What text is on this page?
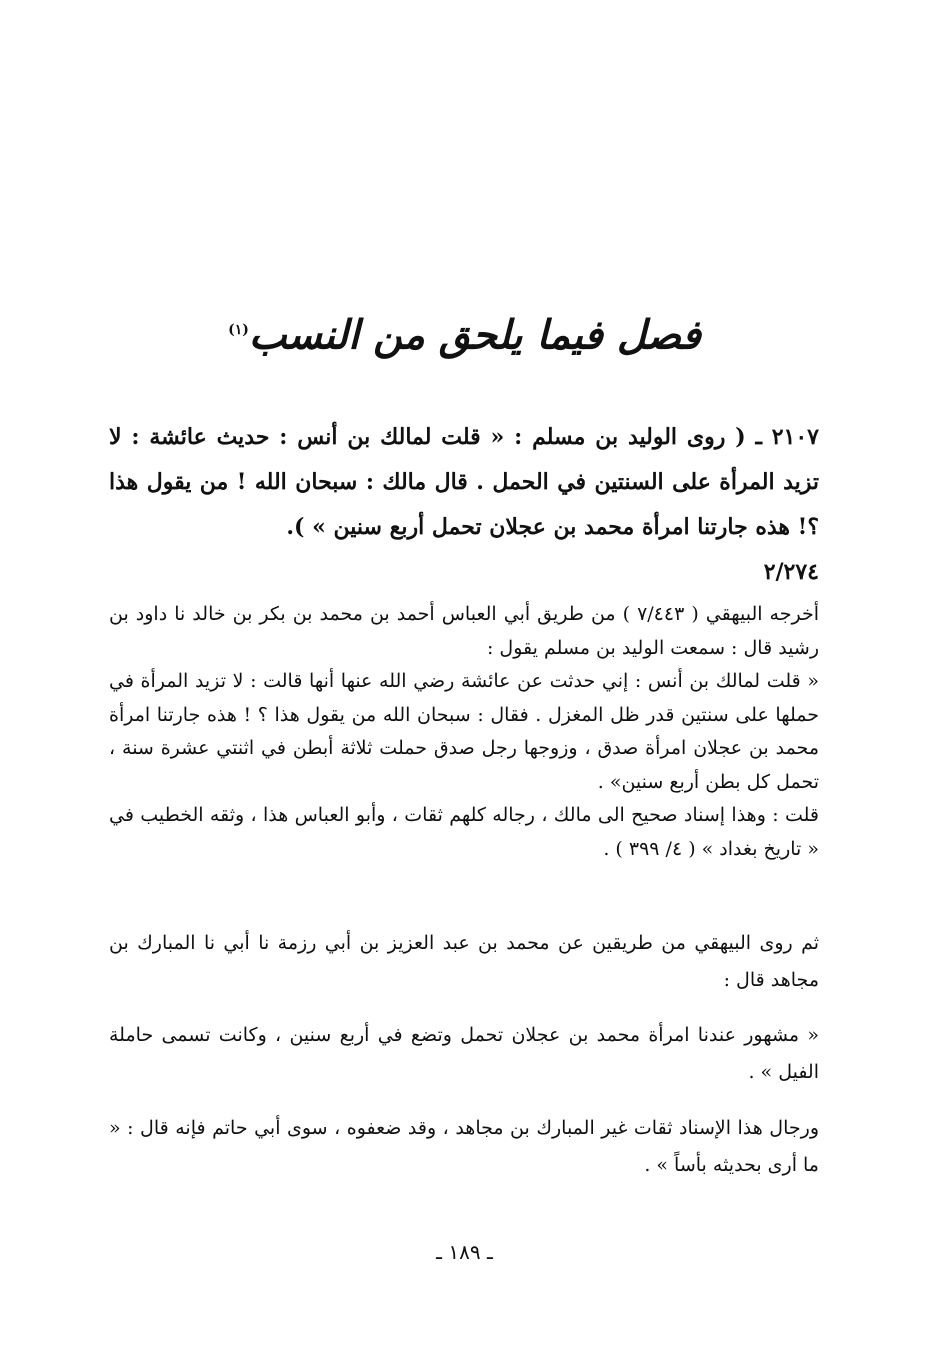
فصل فيما يلحق من النسب$^{(١)}$
٢١٠٧ ـ ( روى الوليد بن مسلم : « قلت لمالك بن أنس : حديث عائشة : لا تزيد المرأة على السنتين في الحمل . قال مالك : سبحان الله ! من يقول هذا ؟! هذه جارتنا امرأة محمد بن عجلان تحمل أربع سنين » ).
٢/٢٧٤

أخرجه البيهقي ( ٧/٤٤٣ ) من طريق أبي العباس أحمد بن محمد بن بكر بن خالد نا داود بن رشيد قال : سمعت الوليد بن مسلم يقول :

« قلت لمالك بن أنس : إني حدثت عن عائشة رضي الله عنها أنها قالت : لا تزيد المرأة في حملها على سنتين قدر ظل المغزل . فقال : سبحان الله من يقول هذا ؟ ! هذه جارتنا امرأة محمد بن عجلان امرأة صدق ، وزوجها رجل صدق حملت ثلاثة أبطن في اثنتي عشرة سنة ، تحمل كل بطن أربع سنين» .

قلت : وهذا إسناد صحيح الى مالك ، رجاله كلهم ثقات ، وأبو العباس هذا ، وثقه الخطيب في « تاريخ بغداد » ( ٤/ ٣٩٩ ) .

ثم روى البيهقي من طريقين عن محمد بن عبد العزيز بن أبي رزمة نا أبي نا المبارك بن مجاهد قال :

« مشهور عندنا امرأة محمد بن عجلان تحمل وتضع في أربع سنين ، وكانت تسمى حاملة الفيل » .

ورجال هذا الإسناد ثقات غير المبارك بن مجاهد ، وقد ضعفوه ، سوى أبي حاتم فإنه قال : « ما أرى بحديثه بأساً » .

ـ ١٨٩ ـ
